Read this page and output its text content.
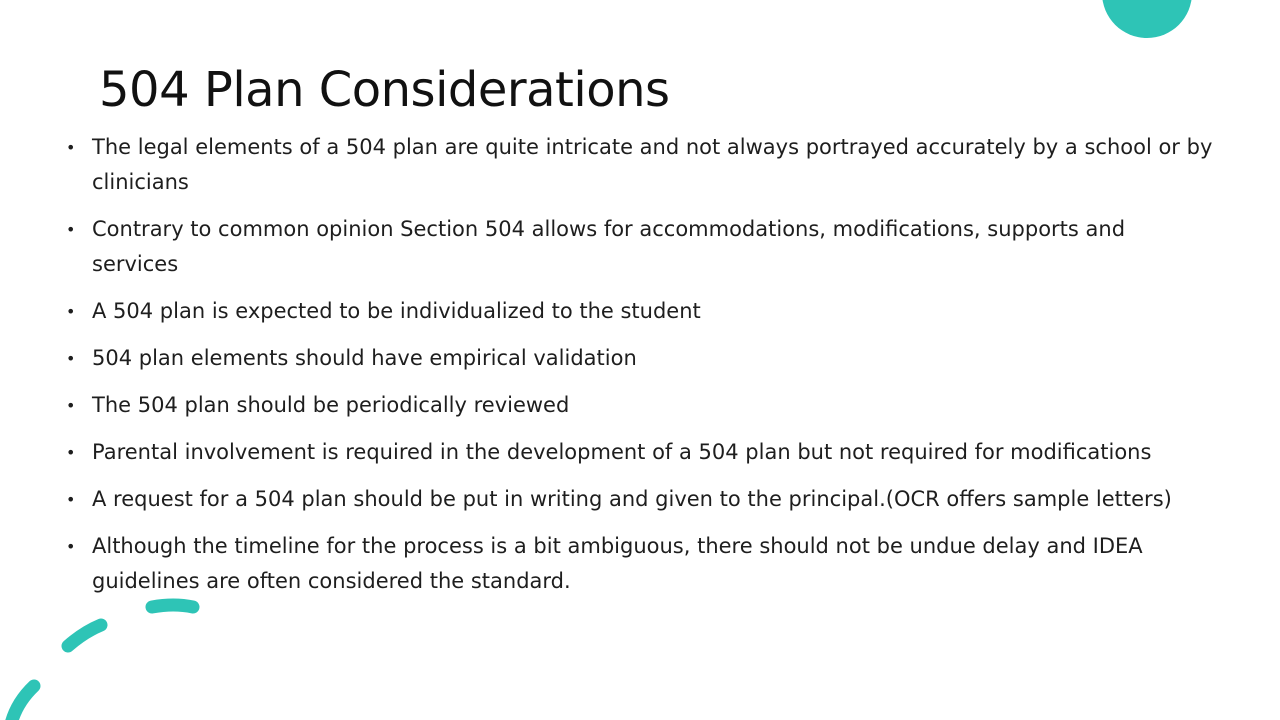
504 Plan Considerations
• The legal elements of a 504 plan are quite intricate and not always portrayed accurately by a school or by clinicians
• Contrary to common opinion Section 504 allows for accommodations, modifications, supports and services
• A 504 plan is expected to be individualized to the student
• 504 plan elements should have empirical validation
• The 504 plan should be periodically reviewed
• Parental involvement is required in the development of a 504 plan but not required for modifications
• A request for a 504 plan should be put in writing and given to the principal.(OCR offers sample letters)
• Although the timeline for the process is a bit ambiguous, there should not be undue delay and IDEA guidelines are often considered the standard.
